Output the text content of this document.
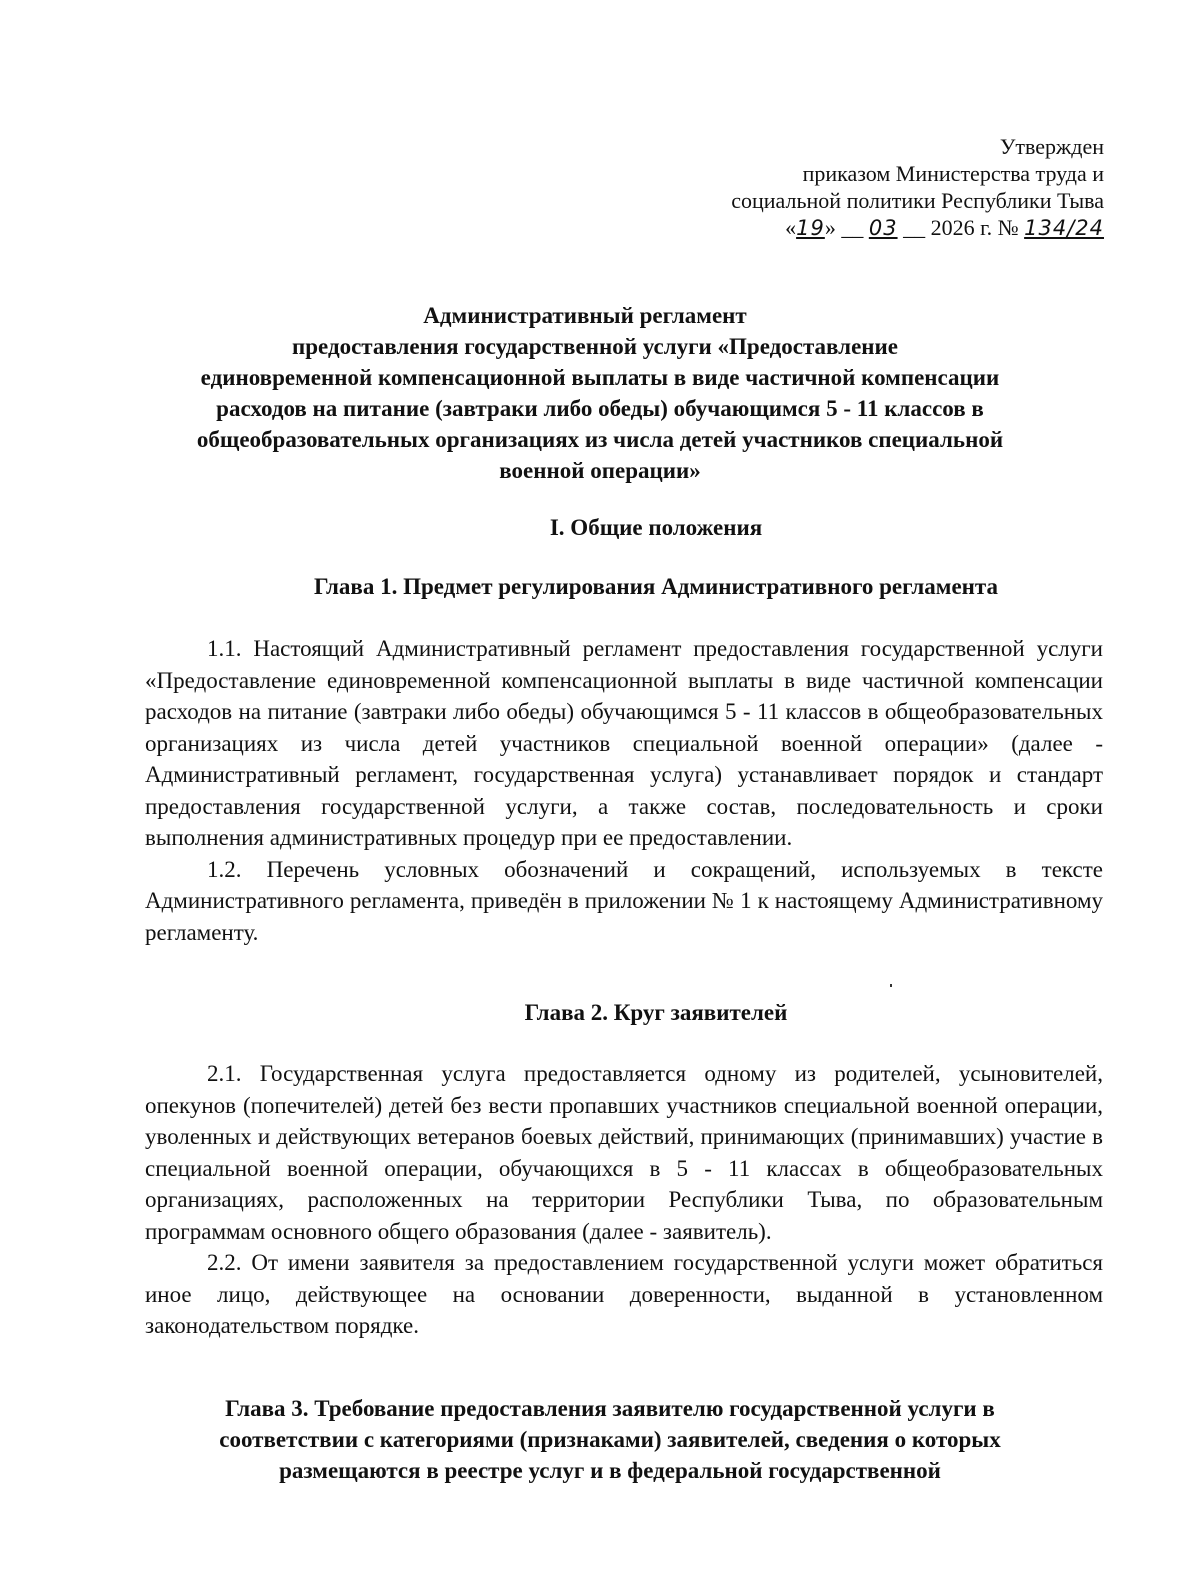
Утвержден
приказом Министерства труда и
социальной политики Республики Тыва
«19» __ 03 __ 2026 г. № 134/24
Административный регламент
предоставления государственной услуги «Предоставление
единовременной компенсационной выплаты в виде частичной компенсации
расходов на питание (завтраки либо обеды) обучающимся 5 - 11 классов в
общеобразовательных организациях из числа детей участников специальной
военной операции»
I. Общие положения
Глава 1. Предмет регулирования Административного регламента

1.1. Настоящий Административный регламент предоставления государственной услуги «Предоставление единовременной компенсационной выплаты в виде частичной компенсации расходов на питание (завтраки либо обеды) обучающимся 5 - 11 классов в общеобразовательных организациях из числа детей участников специальной военной операции» (далее - Административный регламент, государственная услуга) устанавливает порядок и стандарт предоставления государственной услуги, а также состав, последовательность и сроки выполнения административных процедур при ее предоставлении.

1.2. Перечень условных обозначений и сокращений, используемых в тексте Административного регламента, приведён в приложении № 1 к настоящему Административному регламенту.

Глава 2. Круг заявителей

2.1. Государственная услуга предоставляется одному из родителей, усыновителей, опекунов (попечителей) детей без вести пропавших участников специальной военной операции, уволенных и действующих ветеранов боевых действий, принимающих (принимавших) участие в специальной военной операции, обучающихся в 5 - 11 классах в общеобразовательных организациях, расположенных на территории Республики Тыва, по образовательным программам основного общего образования (далее - заявитель).

2.2. От имени заявителя за предоставлением государственной услуги может обратиться иное лицо, действующее на основании доверенности, выданной в установленном законодательством порядке.

Глава 3. Требование предоставления заявителю государственной услуги в
соответствии с категориями (признаками) заявителей, сведения о которых
размещаются в реестре услуг и в федеральной государственной
